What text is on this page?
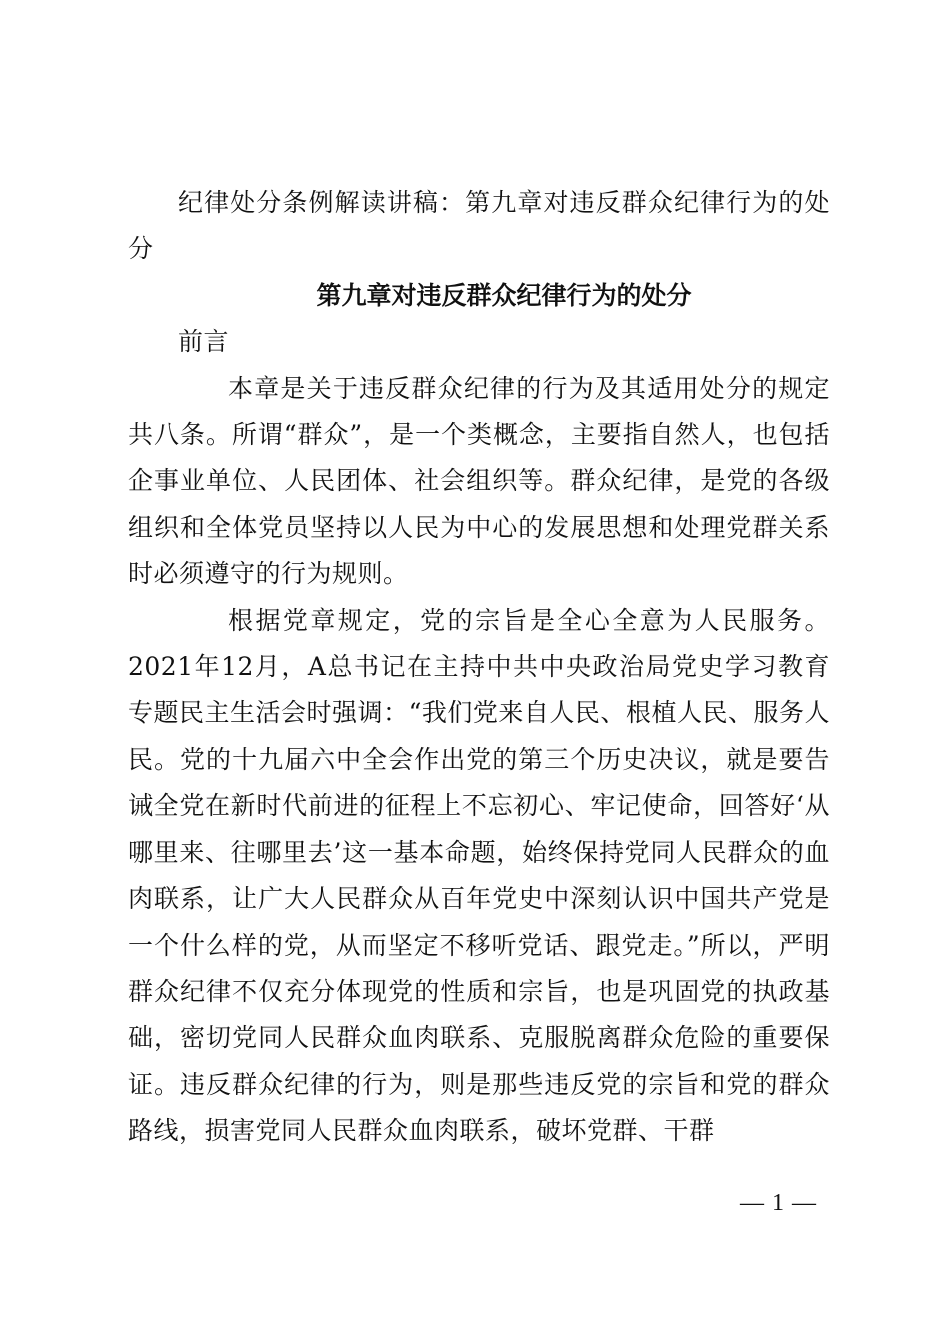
纪律处分条例解读讲稿：第九章对违反群众纪律行为的处分

第九章对违反群众纪律行为的处分

前言

本章是关于违反群众纪律的行为及其适用处分的规定共八条。所谓“群众”，是一个类概念，主要指自然人，也包括企事业单位、人民团体、社会组织等。群众纪律，是党的各级组织和全体党员坚持以人民为中心的发展思想和处理党群关系时必须遵守的行为规则。

根据党章规定，党的宗旨是全心全意为人民服务。2021年12月，A总书记在主持中共中央政治局党史学习教育专题民主生活会时强调：“我们党来自人民、根植人民、服务人民。党的十九届六中全会作出党的第三个历史决议，就是要告诫全党在新时代前进的征程上不忘初心、牢记使命，回答好‘从哪里来、往哪里去’这一基本命题，始终保持党同人民群众的血肉联系，让广大人民群众从百年党史中深刻认识中国共产党是一个什么样的党，从而坚定不移听党话、跟党走。”所以，严明群众纪律不仅充分体现党的性质和宗旨，也是巩固党的执政基础，密切党同人民群众血肉联系、克服脱离群众危险的重要保证。违反群众纪律的行为，则是那些违反党的宗旨和党的群众路线，损害党同人民群众血肉联系，破坏党群、干群

— 1 —
